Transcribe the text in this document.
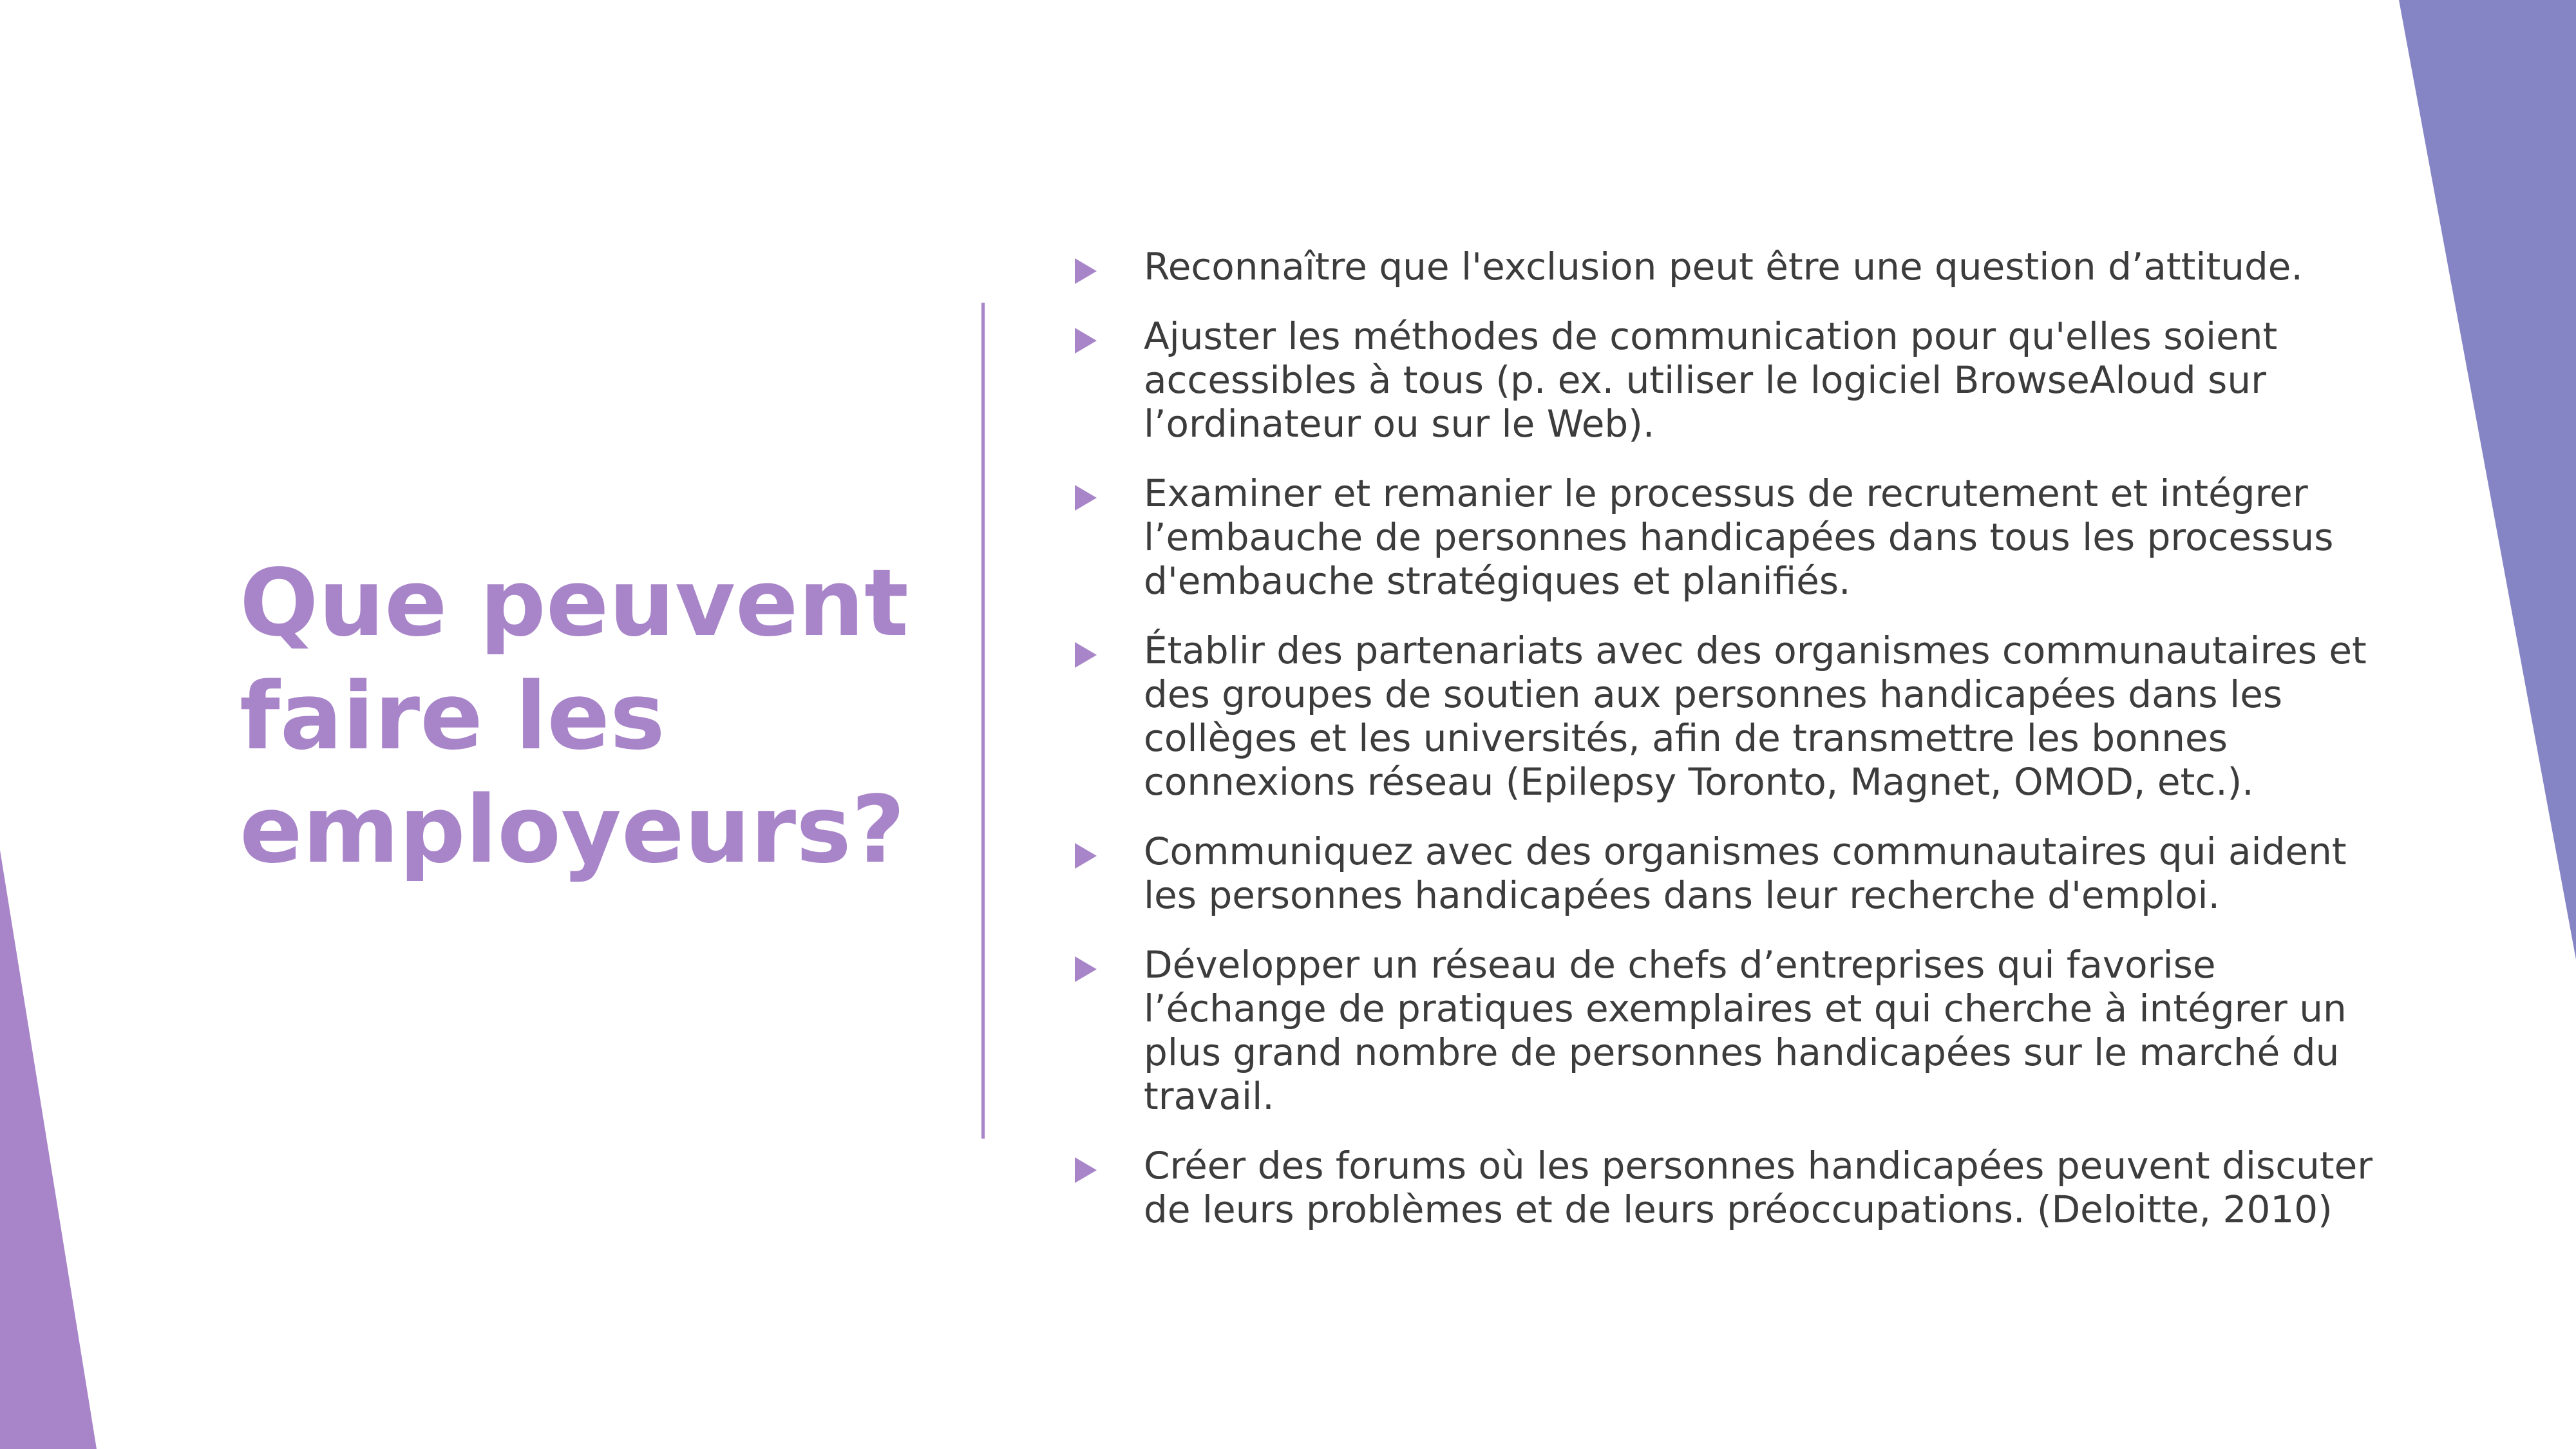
Que peuvent faire les employeurs?
Reconnaître que l'exclusion peut être une question d’attitude.
Ajuster les méthodes de communication pour qu'elles soient accessibles à tous (p. ex. utiliser le logiciel BrowseAloud sur l’ordinateur ou sur le Web).
Examiner et remanier le processus de recrutement et intégrer l’embauche de personnes handicapées dans tous les processus d'embauche stratégiques et planifiés.
Établir des partenariats avec des organismes communautaires et des groupes de soutien aux personnes handicapées dans les collèges et les universités, afin de transmettre les bonnes connexions réseau (Epilepsy Toronto, Magnet, OMOD, etc.).
Communiquez avec des organismes communautaires qui aident les personnes handicapées dans leur recherche d'emploi.
Développer un réseau de chefs d’entreprises qui favorise l’échange de pratiques exemplaires et qui cherche à intégrer un plus grand nombre de personnes handicapées sur le marché du travail.
Créer des forums où les personnes handicapées peuvent discuter de leurs problèmes et de leurs préoccupations. (Deloitte, 2010)
